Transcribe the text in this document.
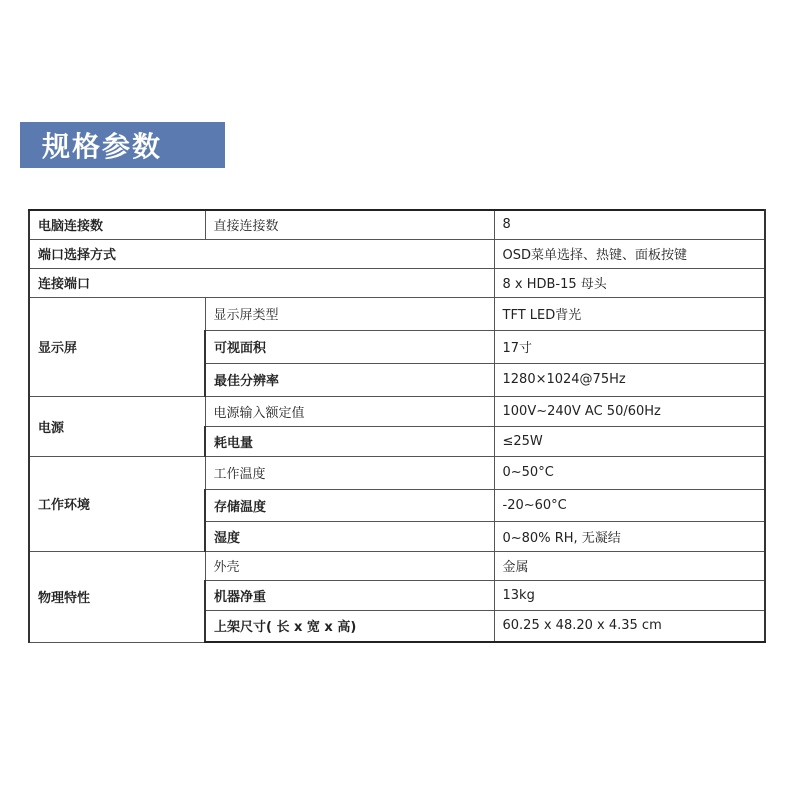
规格参数
电脑连接数	直接连接数	8
端口选择方式		OSD菜单选择、热键、面板按键
连接端口		8 x HDB-15 母头
显示屏	显示屏类型	TFT LED背光
	可视面积	17寸
	最佳分辨率	1280×1024@75Hz
电源	电源输入额定值	100V~240V AC 50/60Hz
	耗电量	≤25W
工作环境	工作温度	0~50°C
	存储温度	-20~60°C
	湿度	0~80% RH, 无凝结
物理特性	外壳	金属
	机器净重	13kg
	上架尺寸( 长 x 宽 x 高)	60.25 x 48.20 x 4.35 cm
